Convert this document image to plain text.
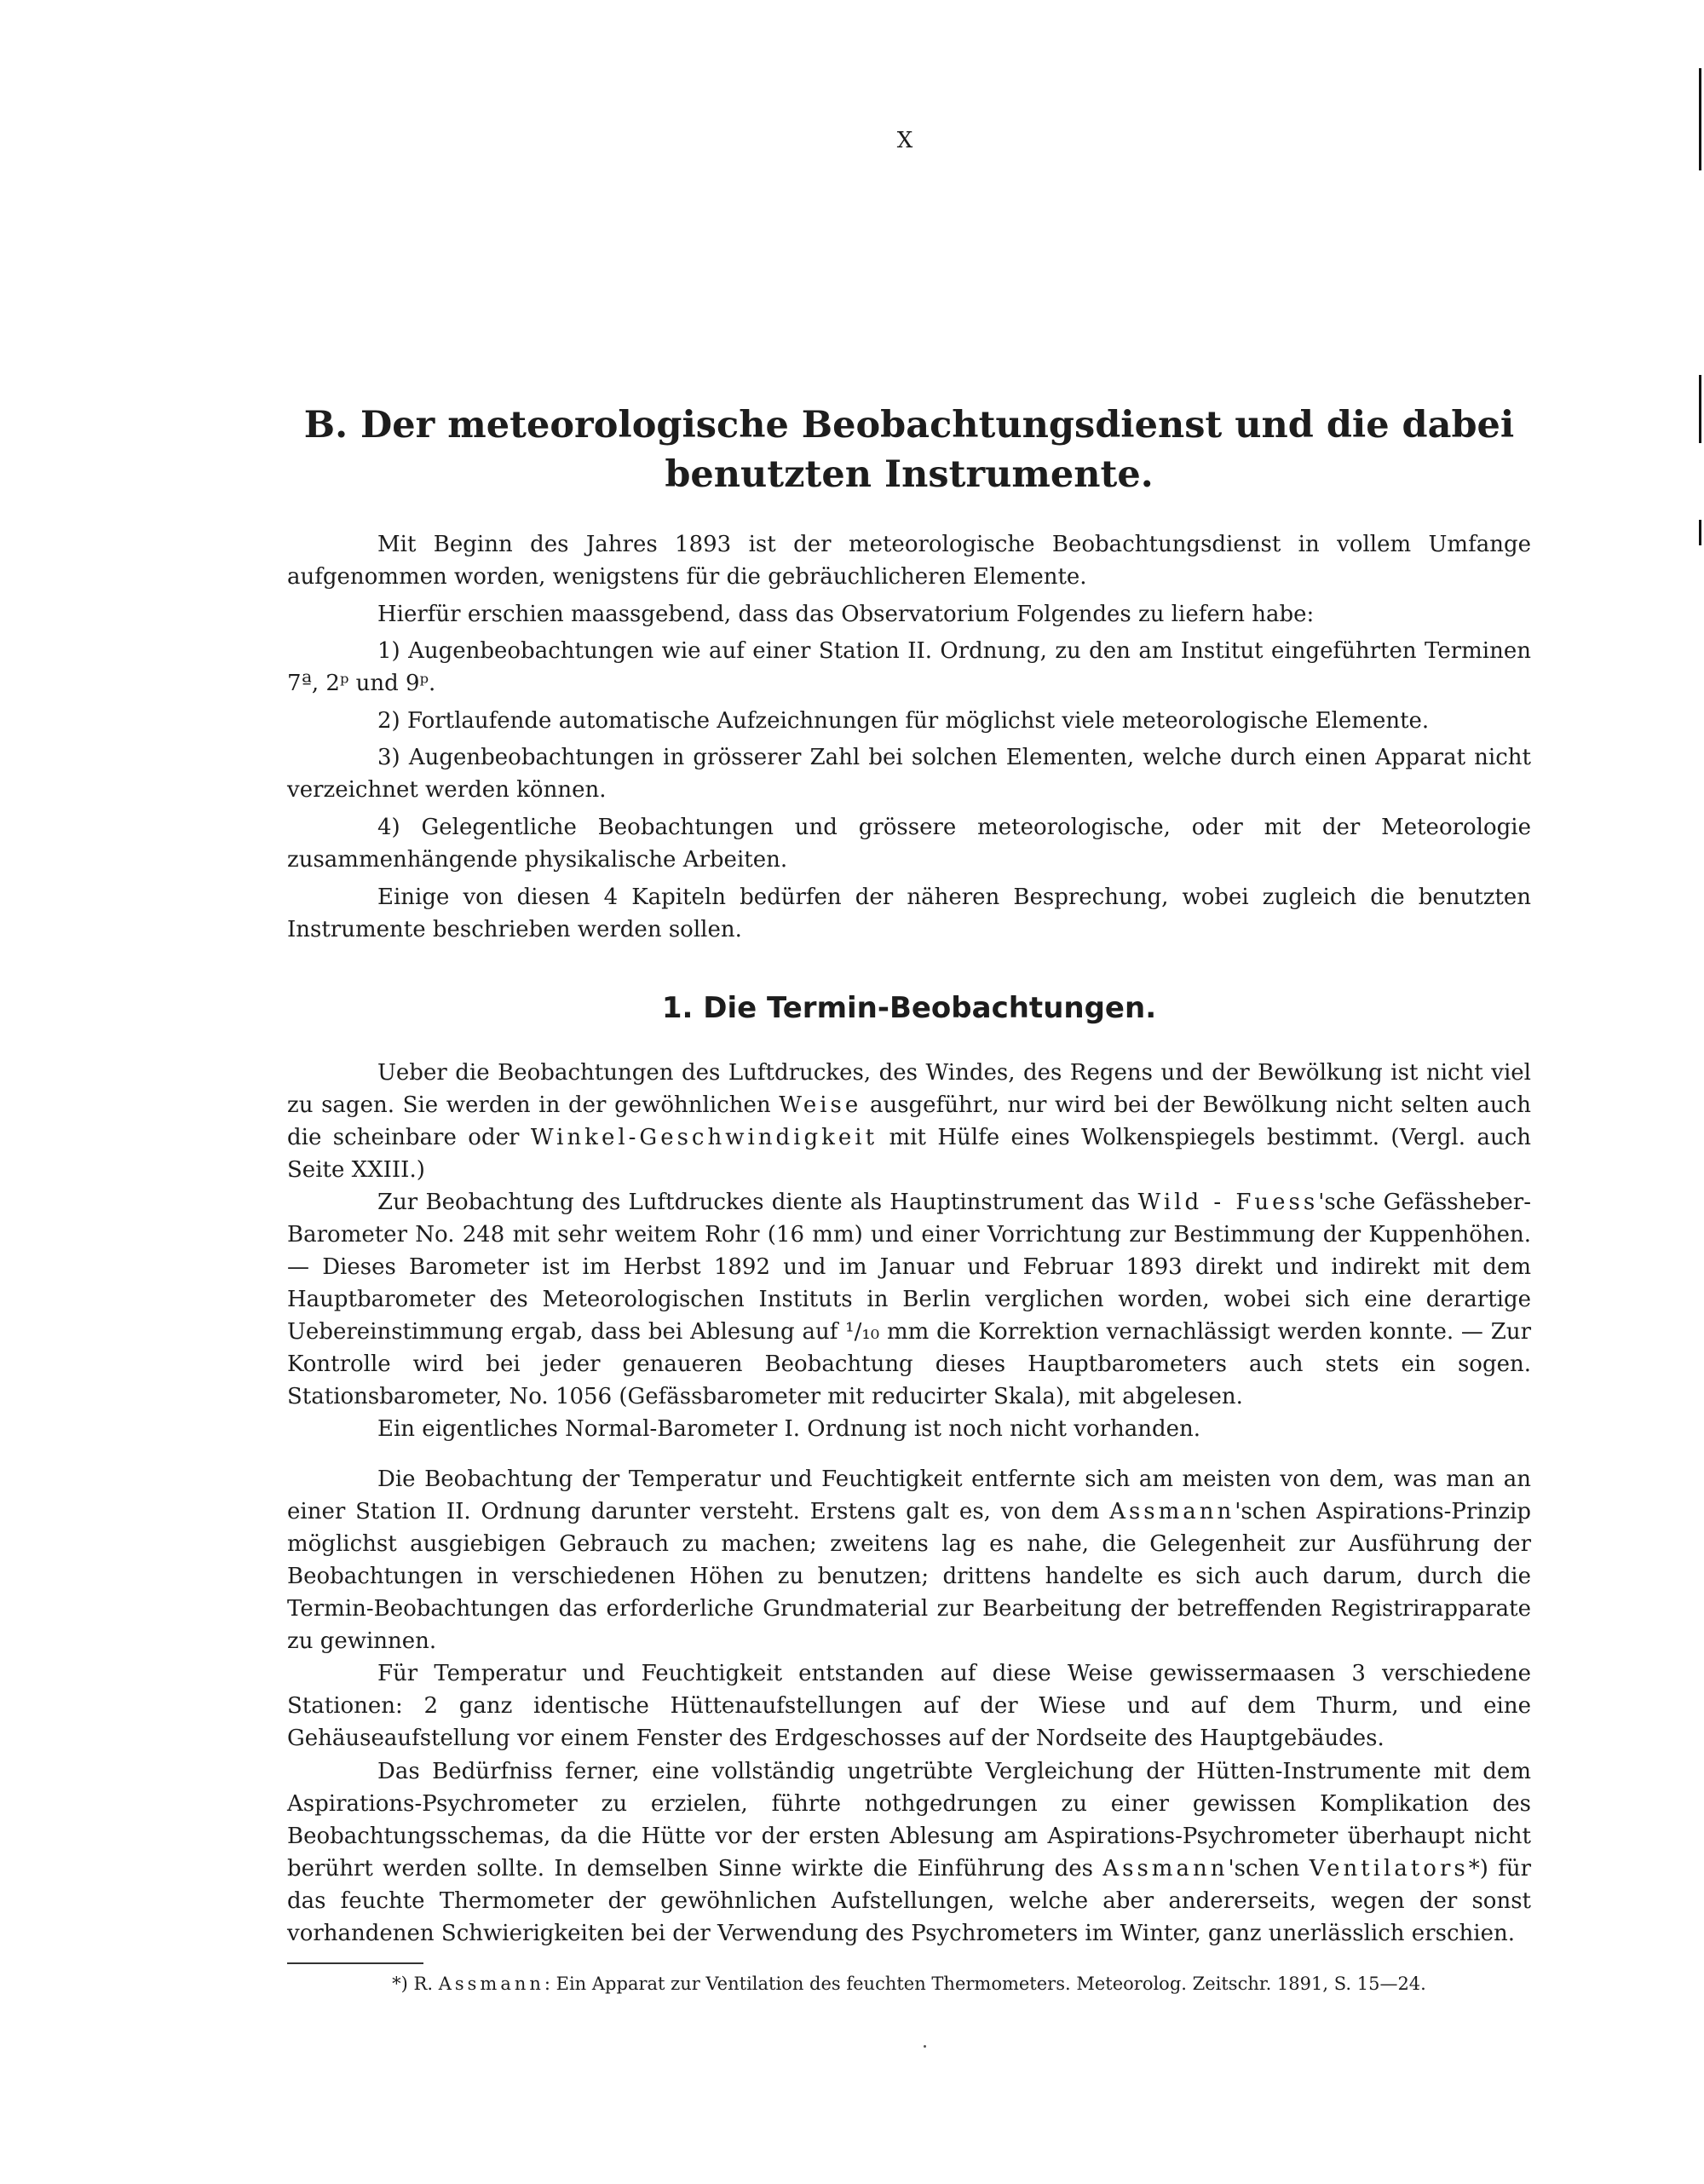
X
B. Der meteorologische Beobachtungsdienst und die dabei
benutzten Instrumente.

Mit Beginn des Jahres 1893 ist der meteorologische Beobachtungsdienst in vollem Umfange aufgenommen worden, wenigstens für die gebräuchlicheren Elemente.

Hierfür erschien maassgebend, dass das Observatorium Folgendes zu liefern habe:

1) Augenbeobachtungen wie auf einer Station II. Ordnung, zu den am Institut eingeführten Terminen 7ª, 2ᵖ und 9ᵖ.

2) Fortlaufende automatische Aufzeichnungen für möglichst viele meteorologische Elemente.

3) Augenbeobachtungen in grösserer Zahl bei solchen Elementen, welche durch einen Apparat nicht verzeichnet werden können.

4) Gelegentliche Beobachtungen und grössere meteorologische, oder mit der Meteorologie zusammenhängende physikalische Arbeiten.

Einige von diesen 4 Kapiteln bedürfen der näheren Besprechung, wobei zugleich die benutzten Instrumente beschrieben werden sollen.

1. Die Termin-Beobachtungen.

Ueber die Beobachtungen des Luftdruckes, des Windes, des Regens und der Bewölkung ist nicht viel zu sagen. Sie werden in der gewöhnlichen Weise ausgeführt, nur wird bei der Bewölkung nicht selten auch die scheinbare oder Winkel-Geschwindigkeit mit Hülfe eines Wolkenspiegels bestimmt. (Vergl. auch Seite XXIII.)

Zur Beobachtung des Luftdruckes diente als Hauptinstrument das Wild - Fuess'sche Gefässheber-Barometer No. 248 mit sehr weitem Rohr (16 mm) und einer Vorrichtung zur Bestimmung der Kuppenhöhen. — Dieses Barometer ist im Herbst 1892 und im Januar und Februar 1893 direkt und indirekt mit dem Hauptbarometer des Meteorologischen Instituts in Berlin verglichen worden, wobei sich eine derartige Uebereinstimmung ergab, dass bei Ablesung auf ¹/₁₀ mm die Korrektion vernachlässigt werden konnte. — Zur Kontrolle wird bei jeder genaueren Beobachtung dieses Hauptbarometers auch stets ein sogen. Stationsbarometer, No. 1056 (Gefässbarometer mit reducirter Skala), mit abgelesen.

Ein eigentliches Normal-Barometer I. Ordnung ist noch nicht vorhanden.

Die Beobachtung der Temperatur und Feuchtigkeit entfernte sich am meisten von dem, was man an einer Station II. Ordnung darunter versteht. Erstens galt es, von dem Assmann'schen Aspirations-Prinzip möglichst ausgiebigen Gebrauch zu machen; zweitens lag es nahe, die Gelegenheit zur Ausführung der Beobachtungen in verschiedenen Höhen zu benutzen; drittens handelte es sich auch darum, durch die Termin-Beobachtungen das erforderliche Grundmaterial zur Bearbeitung der betreffenden Registrirapparate zu gewinnen.

Für Temperatur und Feuchtigkeit entstanden auf diese Weise gewissermaasen 3 verschiedene Stationen: 2 ganz identische Hüttenaufstellungen auf der Wiese und auf dem Thurm, und eine Gehäuseaufstellung vor einem Fenster des Erdgeschosses auf der Nordseite des Hauptgebäudes.

Das Bedürfniss ferner, eine vollständig ungetrübte Vergleichung der Hütten-Instrumente mit dem Aspirations-Psychrometer zu erzielen, führte nothgedrungen zu einer gewissen Komplikation des Beobachtungsschemas, da die Hütte vor der ersten Ablesung am Aspirations-Psychrometer überhaupt nicht berührt werden sollte. In demselben Sinne wirkte die Einführung des Assmann'schen Ventilators*) für das feuchte Thermometer der gewöhnlichen Aufstellungen, welche aber andererseits, wegen der sonst vorhandenen Schwierigkeiten bei der Verwendung des Psychrometers im Winter, ganz unerlässlich erschien.

*) R. Assmann: Ein Apparat zur Ventilation des feuchten Thermometers. Meteorolog. Zeitschr. 1891, S. 15—24.
